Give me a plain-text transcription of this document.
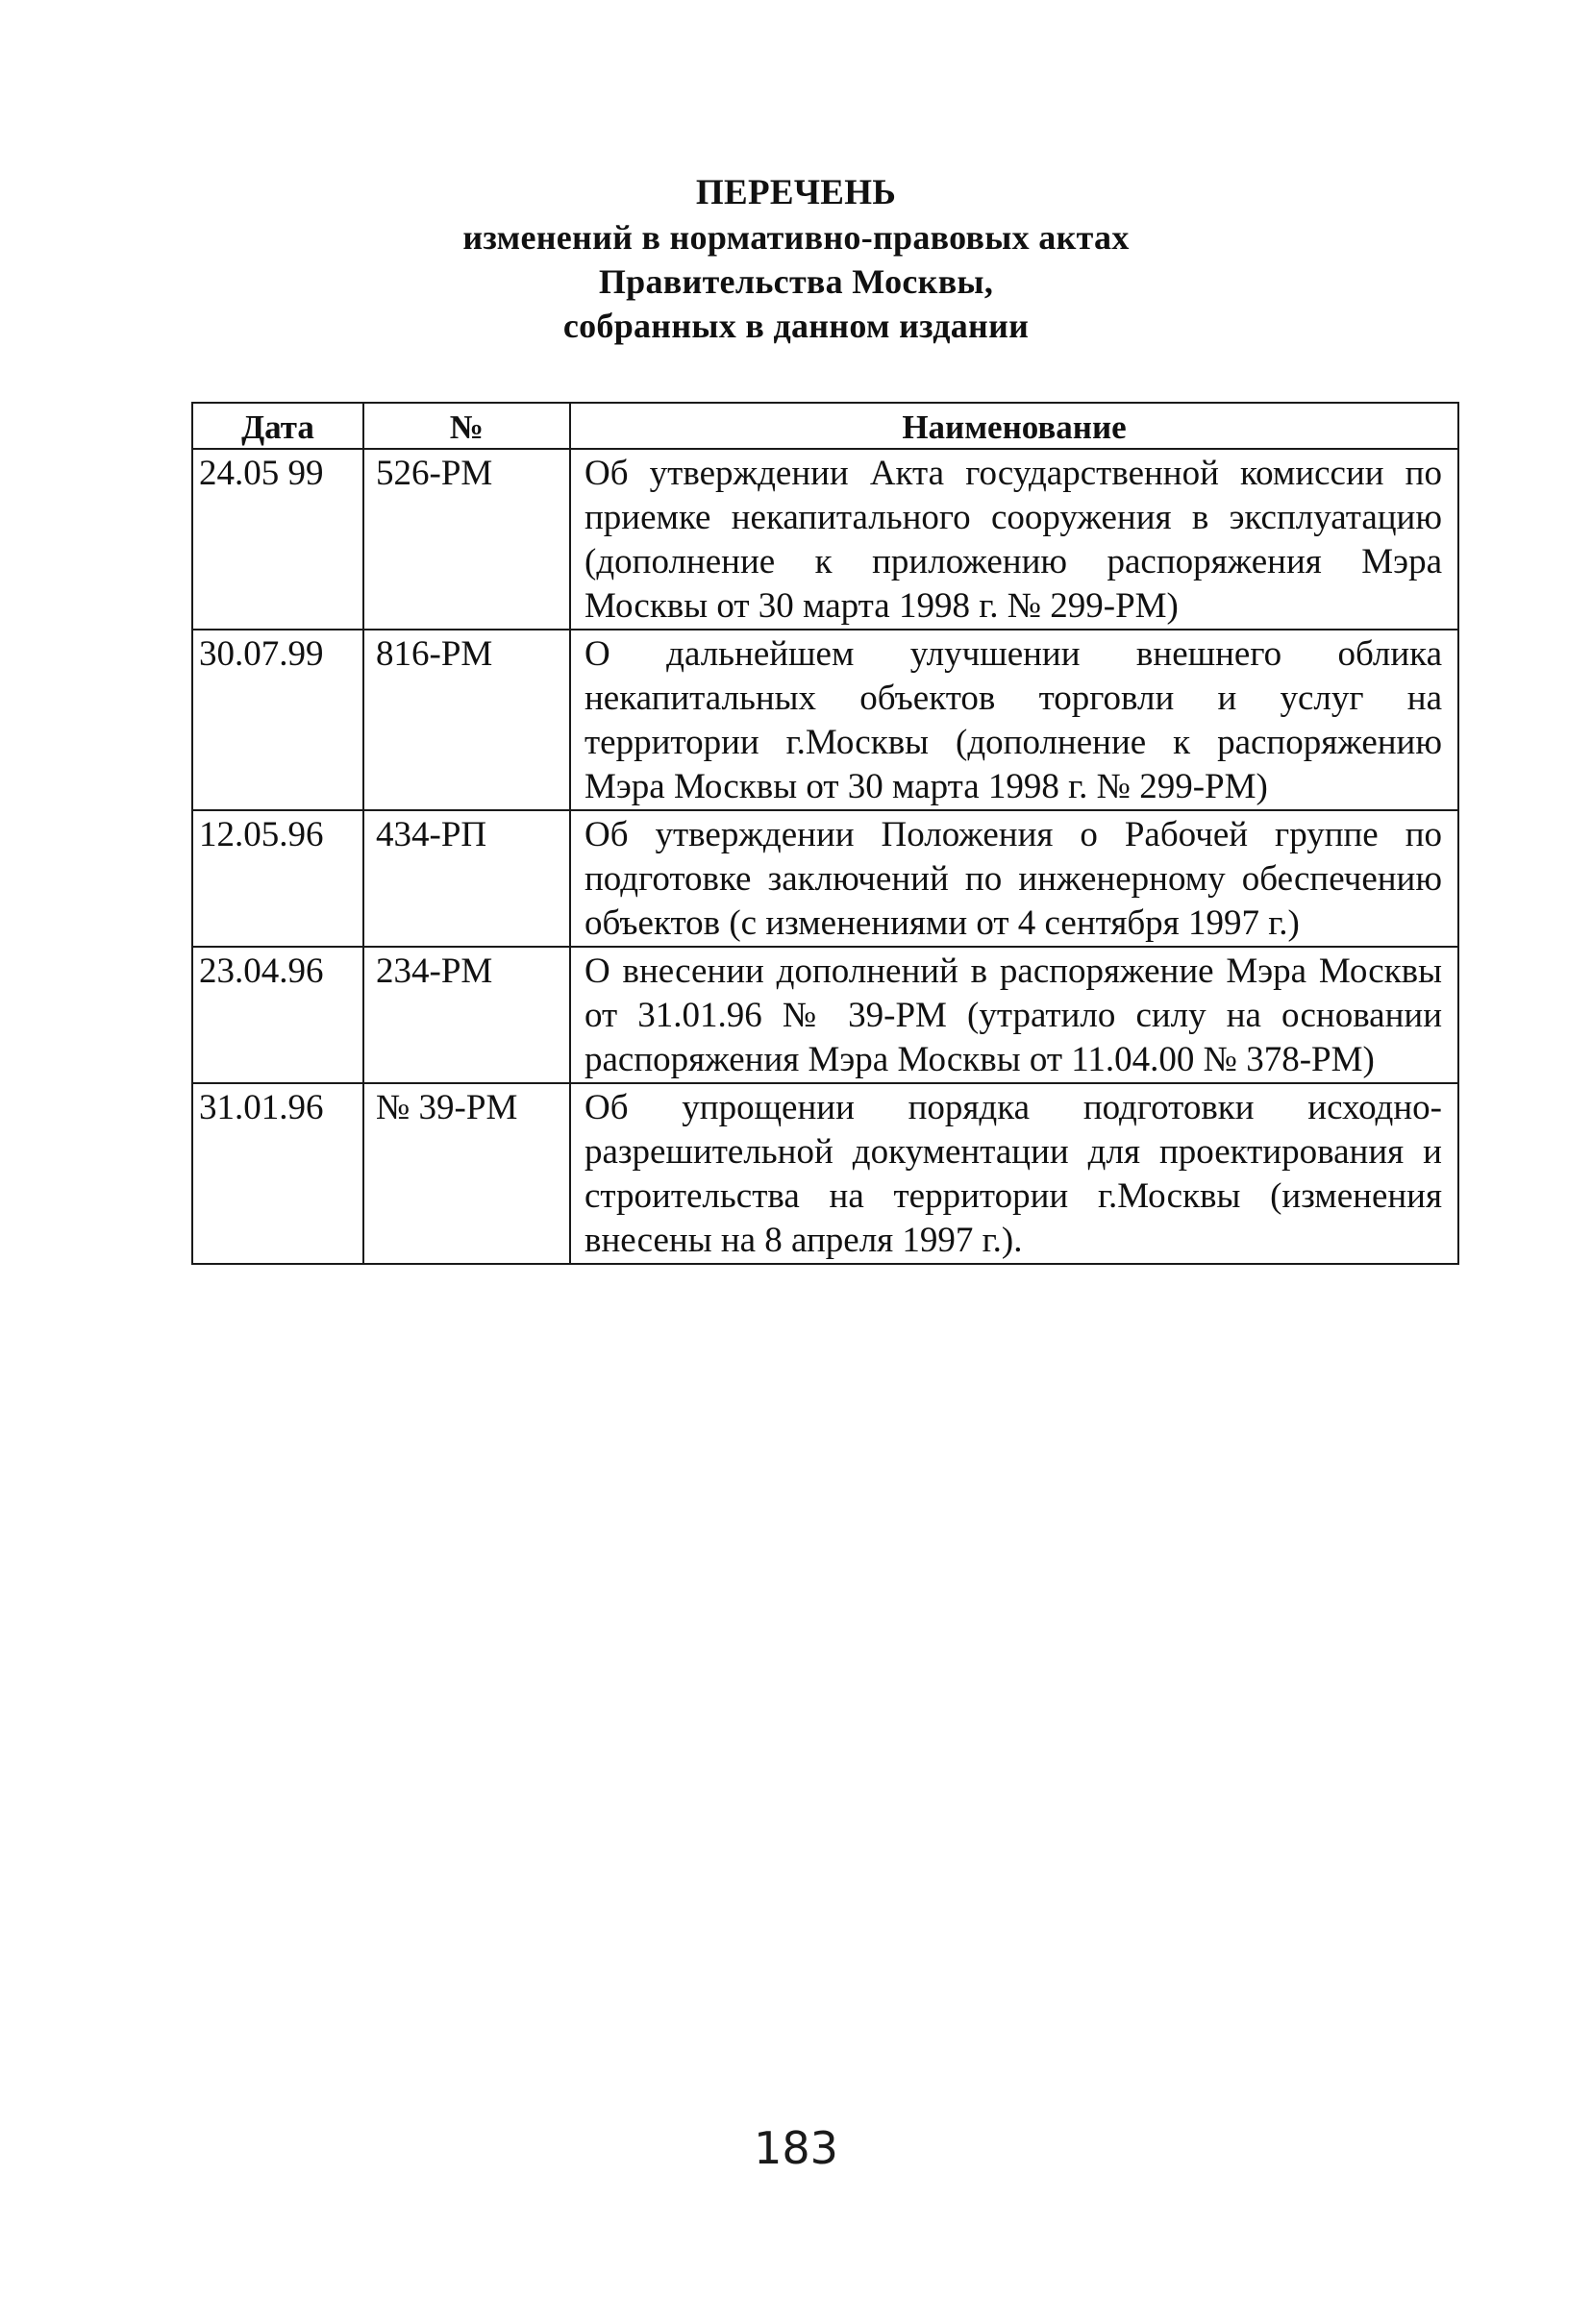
ПЕРЕЧЕНЬ
изменений в нормативно-правовых актах
Правительства Москвы,
собранных в данном издании
Дата	№	Наименование
24.05 99	526-РМ	Об утверждении Акта государственной комиссии по приемке некапитального сооружения в эксплуатацию (дополнение к приложению распоряжения Мэра Москвы от 30 марта 1998 г. № 299-РМ)
30.07.99	816-РМ	О дальнейшем улучшении внешнего облика некапитальных объектов торговли и услуг на территории г.Москвы (дополнение к распоряжению Мэра Москвы от 30 марта 1998 г. № 299-РМ)
12.05.96	434-РП	Об утверждении Положения о Рабочей группе по подготовке заключений по инженерному обеспечению объектов (с изменениями от 4 сентября 1997 г.)
23.04.96	234-РМ	О внесении дополнений в распоряжение Мэра Москвы от 31.01.96 № 39-РМ (утратило силу на основании распоряжения Мэра Москвы от 11.04.00 № 378-РМ)
31.01.96	№ 39-РМ	Об упрощении порядка подготовки исходно-разрешительной документации для проектирования и строительства на территории г.Москвы (изменения внесены на 8 апреля 1997 г.).
183
